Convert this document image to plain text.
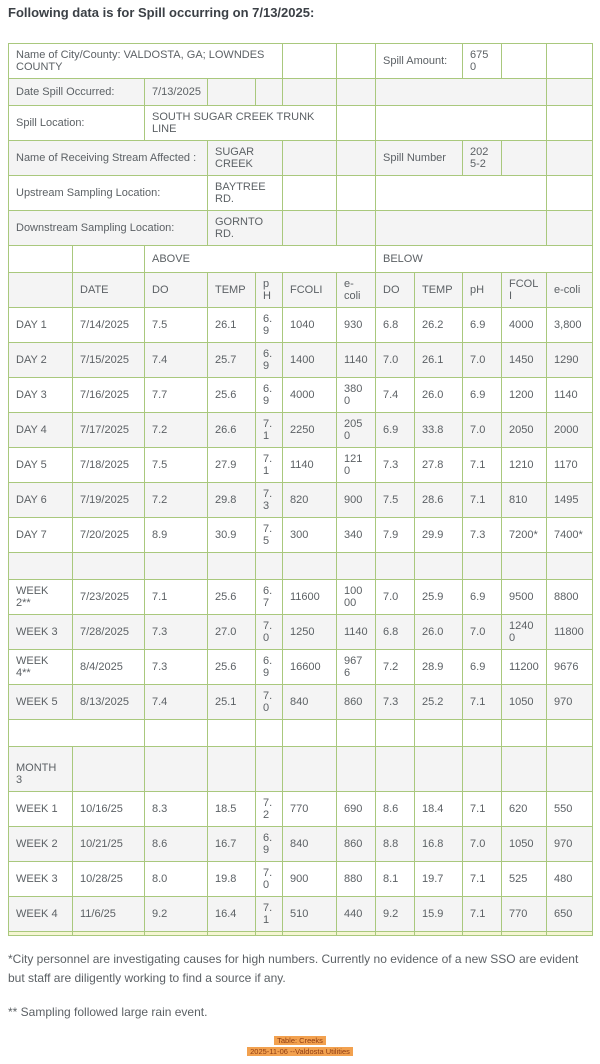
Following data is for Spill occurring on 7/13/2025:
Name of City/County: VALDOSTA, GA; LOWNDES COUNTY							Spill Amount:		6750		
Date Spill Occurred:		7/13/2025									
Spill Location:		SOUTH SUGAR CREEK TRUNK LINE									
Name of Receiving Stream Affected :			SUGAR CREEK				Spill Number		2025-2		
Upstream Sampling Location:			BAYTREE RD.								
Downstream Sampling Location:			GORNTO RD.								
		ABOVE					BELOW				
	DATE	DO	TEMP	pH	FCOLI	e-coli	DO	TEMP	pH	FCOLI	e-coli
DAY 1	7/14/2025	7.5	26.1	6.9	1040	930	6.8	26.2	6.9	4000	3,800
DAY 2	7/15/2025	7.4	25.7	6.9	1400	1140	7.0	26.1	7.0	1450	1290
DAY 3	7/16/2025	7.7	25.6	6.9	4000	3800	7.4	26.0	6.9	1200	1140
DAY 4	7/17/2025	7.2	26.6	7.1	2250	2050	6.9	33.8	7.0	2050	2000
DAY 5	7/18/2025	7.5	27.9	7.1	1140	1210	7.3	27.8	7.1	1210	1170
DAY 6	7/19/2025	7.2	29.8	7.3	820	900	7.5	28.6	7.1	810	1495
DAY 7	7/20/2025	8.9	30.9	7.5	300	340	7.9	29.9	7.3	7200*	7400*

WEEK 2**	7/23/2025	7.1	25.6	6.7	11600	10000	7.0	25.9	6.9	9500	8800
WEEK 3	7/28/2025	7.3	27.0	7.0	1250	1140	6.8	26.0	7.0	12400	11800
WEEK 4**	8/4/2025	7.3	25.6	6.9	16600	9676	7.2	28.9	6.9	11200	9676
WEEK 5	8/13/2025	7.4	25.1	7.0	840	860	7.3	25.2	7.1	1050	970

MONTH 3											
WEEK 1	10/16/25	8.3	18.5	7.2	770	690	8.6	18.4	7.1	620	550
WEEK 2	10/21/25	8.6	16.7	6.9	840	860	8.8	16.8	7.0	1050	970
WEEK 3	10/28/25	8.0	19.8	7.0	900	880	8.1	19.7	7.1	525	480
WEEK 4	11/6/25	9.2	16.4	7.1	510	440	9.2	15.9	7.1	770	650

*City personnel are investigating causes for high numbers. Currently no evidence of a new SSO are evident but staff are diligently working to find a source if any.

** Sampling followed large rain event.

Table: Creeks
2025-11-06 --Valdosta Utilities
